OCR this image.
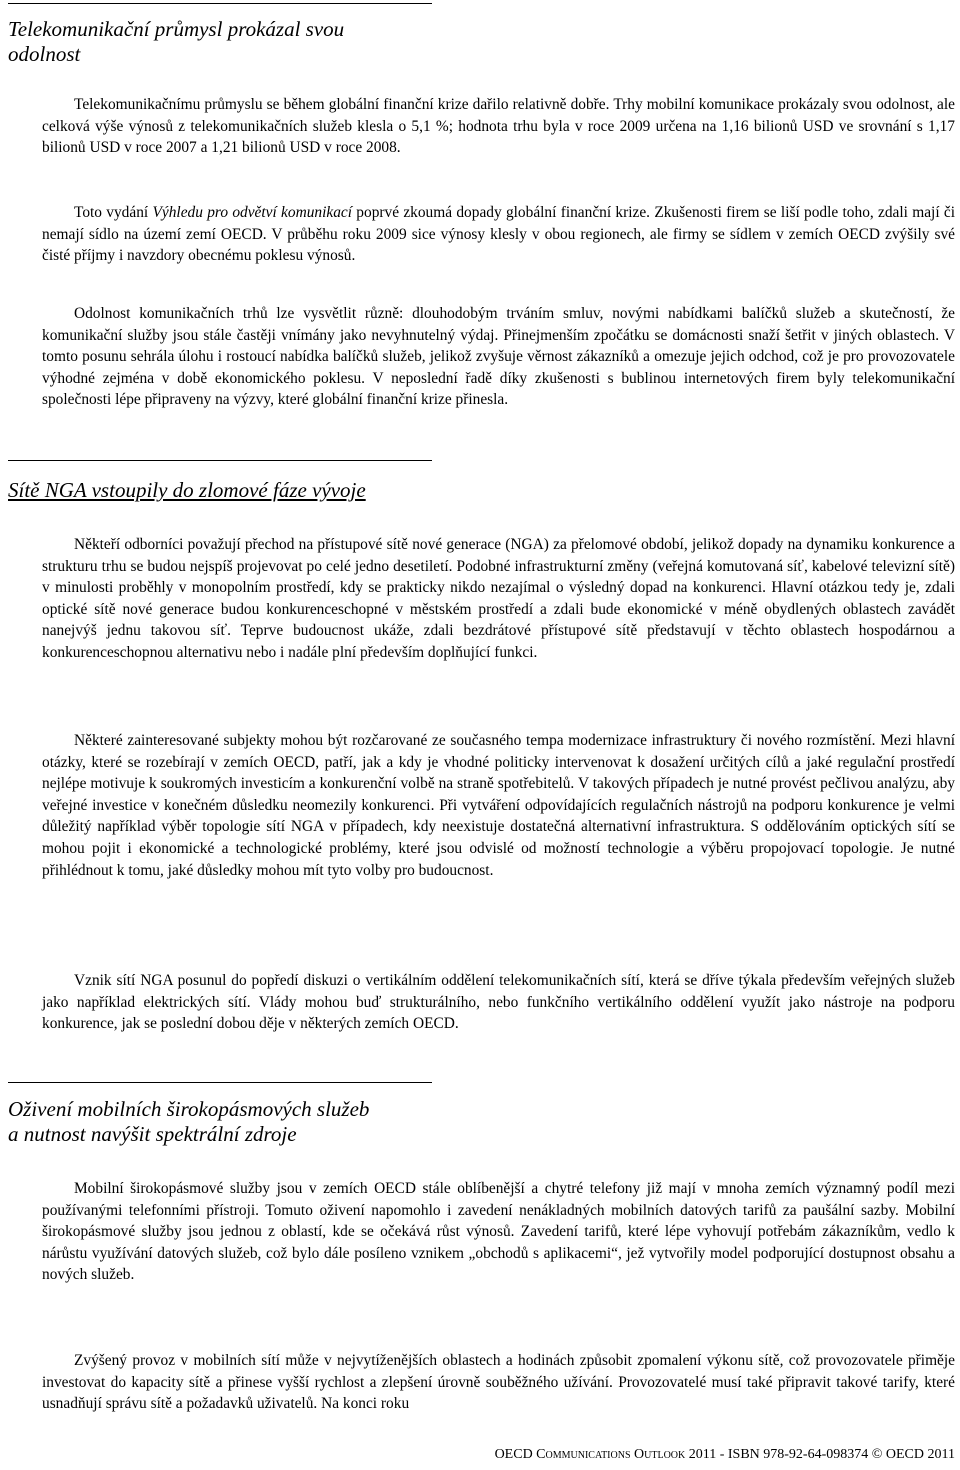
Telekomunikační průmysl prokázal svou
odolnost

Telekomunikačnímu průmyslu se během globální finanční krize dařilo relativně dobře. Trhy mobilní komunikace prokázaly svou odolnost, ale celková výše výnosů z telekomunikačních služeb klesla o 5,1 %; hodnota trhu byla v roce 2009 určena na 1,16 bilionů USD ve srovnání s 1,17 bilionů USD v roce 2007 a 1,21 bilionů USD v roce 2008.

Toto vydání Výhledu pro odvětví komunikací poprvé zkoumá dopady globální finanční krize. Zkušenosti firem se liší podle toho, zdali mají či nemají sídlo na území zemí OECD. V průběhu roku 2009 sice výnosy klesly v obou regionech, ale firmy se sídlem v zemích OECD zvýšily své čisté příjmy i navzdory obecnému poklesu výnosů.

Odolnost komunikačních trhů lze vysvětlit různě: dlouhodobým trváním smluv, novými nabídkami balíčků služeb a skutečností, že komunikační služby jsou stále častěji vnímány jako nevyhnutelný výdaj. Přinejmenším zpočátku se domácnosti snaží šetřit v jiných oblastech. V tomto posunu sehrála úlohu i rostoucí nabídka balíčků služeb, jelikož zvyšuje věrnost zákazníků a omezuje jejich odchod, což je pro provozovatele výhodné zejména v době ekonomického poklesu. V neposlední řadě díky zkušenosti s bublinou internetových firem byly telekomunikační společnosti lépe připraveny na výzvy, které globální finanční krize přinesla.

Sítě NGA vstoupily do zlomové fáze vývoje

Někteří odborníci považují přechod na přístupové sítě nové generace (NGA) za přelomové období, jelikož dopady na dynamiku konkurence a strukturu trhu se budou nejspíš projevovat po celé jedno desetiletí. Podobné infrastrukturní změny (veřejná komutovaná síť, kabelové televizní sítě) v minulosti proběhly v monopolním prostředí, kdy se prakticky nikdo nezajímal o výsledný dopad na konkurenci. Hlavní otázkou tedy je, zdali optické sítě nové generace budou konkurenceschopné v městském prostředí a zdali bude ekonomické v méně obydlených oblastech zavádět nanejvýš jednu takovou síť. Teprve budoucnost ukáže, zdali bezdrátové přístupové sítě představují v těchto oblastech hospodárnou a konkurenceschopnou alternativu nebo i nadále plní především doplňující funkci.

Některé zainteresované subjekty mohou být rozčarované ze současného tempa modernizace infrastruktury či nového rozmístění. Mezi hlavní otázky, které se rozebírají v zemích OECD, patří, jak a kdy je vhodné politicky intervenovat k dosažení určitých cílů a jaké regulační prostředí nejlépe motivuje k soukromých investicím a konkurenční volbě na straně spotřebitelů. V takových případech je nutné provést pečlivou analýzu, aby veřejné investice v konečném důsledku neomezily konkurenci. Při vytváření odpovídajících regulačních nástrojů na podporu konkurence je velmi důležitý například výběr topologie sítí NGA v případech, kdy neexistuje dostatečná alternativní infrastruktura. S oddělováním optických sítí se mohou pojit i ekonomické a technologické problémy, které jsou odvislé od možností technologie a výběru propojovací topologie. Je nutné přihlédnout k tomu, jaké důsledky mohou mít tyto volby pro budoucnost.

Vznik sítí NGA posunul do popředí diskuzi o vertikálním oddělení telekomunikačních sítí, která se dříve týkala především veřejných služeb jako například elektrických sítí. Vlády mohou buď strukturálního, nebo funkčního vertikálního oddělení využít jako nástroje na podporu konkurence, jak se poslední dobou děje v některých zemích OECD.

Oživení mobilních širokopásmových služeb
a nutnost navýšit spektrální zdroje

Mobilní širokopásmové služby jsou v zemích OECD stále oblíbenější a chytré telefony již mají v mnoha zemích významný podíl mezi používanými telefonními přístroji. Tomuto oživení napomohlo i zavedení nenákladných mobilních datových tarifů za paušální sazby. Mobilní širokopásmové služby jsou jednou z oblastí, kde se očekává růst výnosů. Zavedení tarifů, které lépe vyhovují potřebám zákazníkům, vedlo k nárůstu využívání datových služeb, což bylo dále posíleno vznikem „obchodů s aplikacemi“, jež vytvořily model podporující dostupnost obsahu a nových služeb.

Zvýšený provoz v mobilních sítí může v nejvytíženějších oblastech a hodinách způsobit zpomalení výkonu sítě, což provozovatele přiměje investovat do kapacity sítě a přinese vyšší rychlost a zlepšení úrovně souběžného užívání. Provozovatelé musí také připravit takové tarify, které usnadňují správu sítě a požadavků uživatelů. Na konci roku

OECD Communications Outlook 2011 - ISBN 978-92-64-098374 © OECD 2011
